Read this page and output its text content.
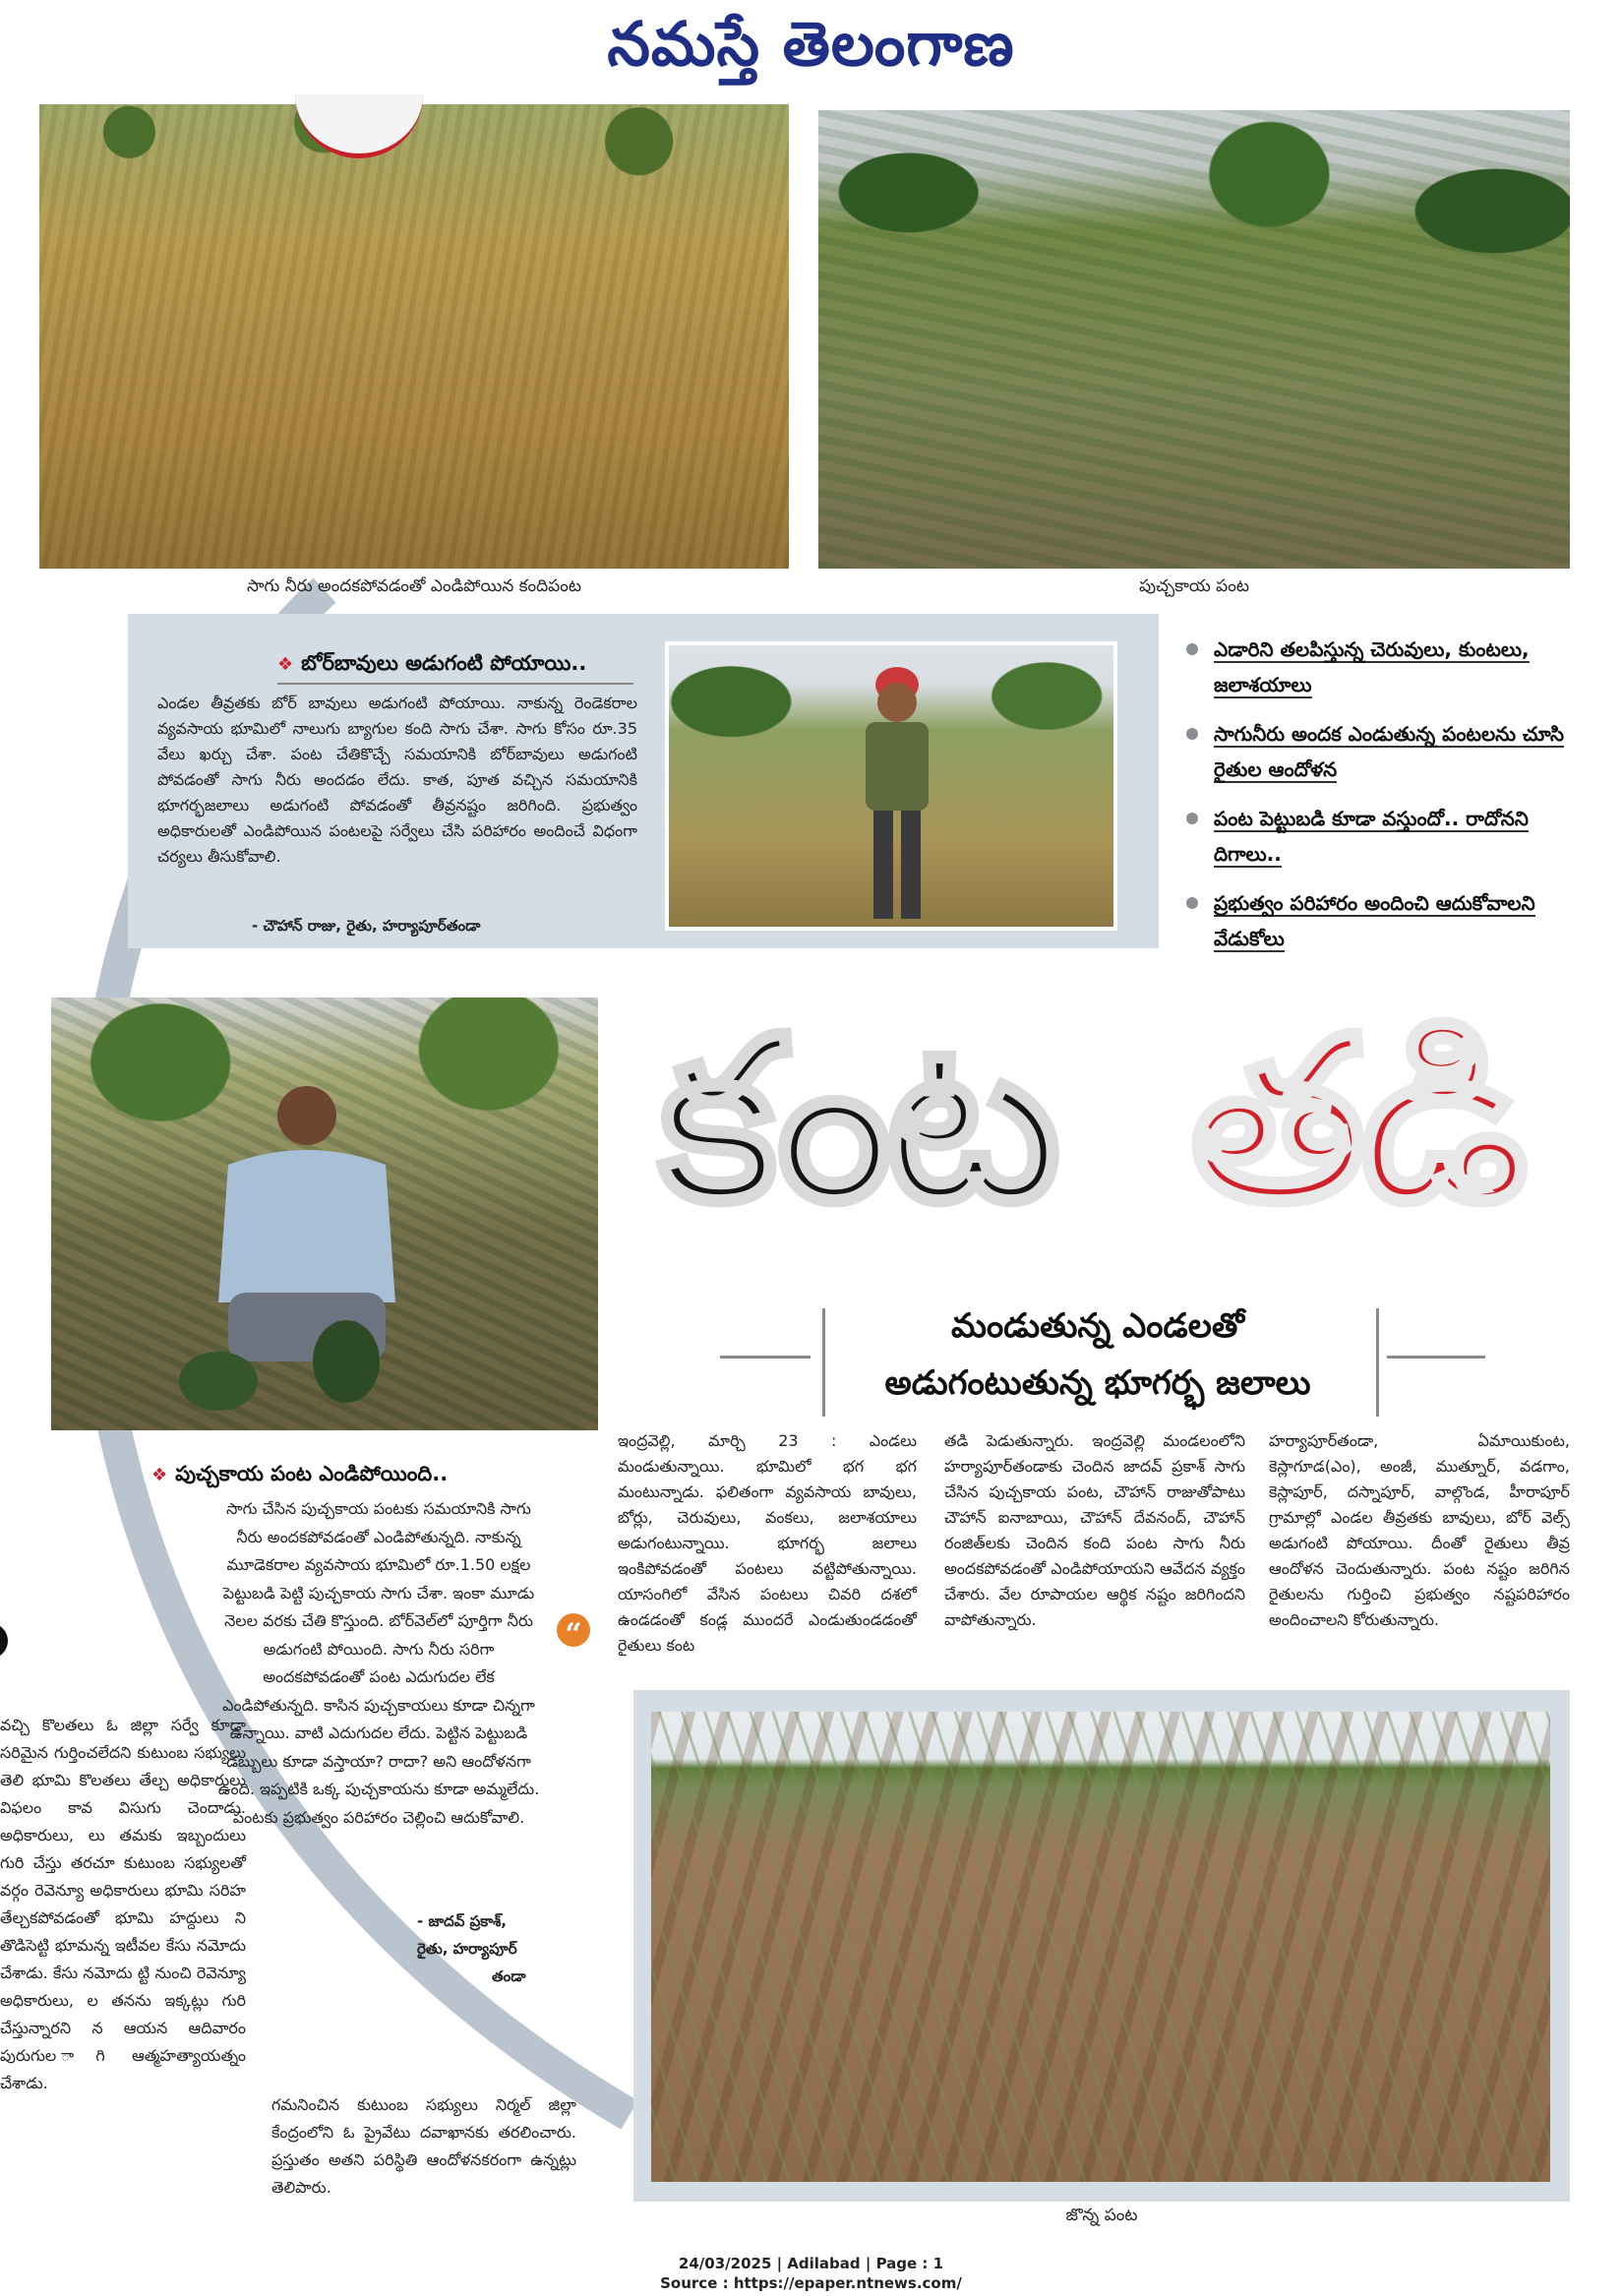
నమస్తే తెలంగాణ
సాగు నీరు అందకపోవడంతో ఎండిపోయిన కందిపంట	పుచ్చకాయ పంట
❖ బోర్‌బావులు అడుగంటి పోయాయి..
ఎండల తీవ్రతకు బోర్ బావులు అడుగంటి పోయాయి. నాకున్న రెండెకరాల వ్యవసాయ భూమిలో నాలుగు బ్యాగుల కంది సాగు చేశా. సాగు కోసం రూ.35 వేలు ఖర్చు చేశా. పంట చేతికొచ్చే సమయానికి బోర్‌బావులు అడుగంటి పోవడంతో సాగు నీరు అందడం లేదు. కాత, పూత వచ్చిన సమయానికి భూగర్భజలాలు అడుగంటి పోవడంతో తీవ్రనష్టం జరిగింది. ప్రభుత్వం అధికారులతో ఎండిపోయిన పంటలపై సర్వేలు చేసి పరిహారం అందించే విధంగా చర్యలు తీసుకోవాలి.
- చౌహాన్ రాజు, రైతు, హర్యాపూర్‌తండా
ఎడారిని తలపిస్తున్న చెరువులు, కుంటలు, జలాశయాలు
సాగునీరు అందక ఎండుతున్న పంటలను చూసి రైతుల ఆందోళన
పంట పెట్టుబడి కూడా వస్తుందో.. రాదోనని దిగాలు..
ప్రభుత్వం పరిహారం అందించి ఆదుకోవాలని వేడుకోలు
కంట తడి
మండుతున్న ఎండలతో
అడుగంటుతున్న భూగర్భ జలాలు
❖ పుచ్చకాయ పంట ఎండిపోయింది..
సాగు చేసిన పుచ్చకాయ పంటకు సమయానికి సాగు నీరు అందకపోవడంతో ఎండిపోతున్నది. నాకున్న మూడెకరాల వ్యవసాయ భూమిలో రూ.1.50 లక్షల పెట్టుబడి పెట్టి పుచ్చకాయ సాగు చేశా. ఇంకా మూడు నెలల వరకు చేతి కొస్తుంది. బోర్‌వెల్‌లో పూర్తిగా నీరు అడుగంటి పోయింది. సాగు నీరు సరిగా అందకపోవడంతో పంట ఎదుగుదల లేక ఎండిపోతున్నది. కాసిన పుచ్చకాయలు కూడా చిన్నగా ఉన్నాయి. వాటి ఎదుగుదల లేదు. పెట్టిన పెట్టుబడి డబ్బులు కూడా వస్తాయా? రాదా? అని ఆందోళనగా ఉంది. ఇప్పటికి ఒక్క పుచ్చకాయను కూడా అమ్మలేదు. పంటకు ప్రభుత్వం పరిహారం చెల్లించి ఆదుకోవాలి.
- జాదవ్ ప్రకాశ్,
రైతు, హర్యాపూర్
తండా
“
వచ్చి కొలతలు ఓ జిల్లా సర్వే కూడా సరిమైన గుర్తించలేదని కుటుంబ సభ్యులు తెలి భూమి కొలతలు తేల్చ అధికారులు విఫలం కావ విసుగు చెందాడు. అధికారులు, లు తమకు ఇబ్బందులు గురి చేస్తు తరచూ కుటుంబ సభ్యులతో వర్గం రెవెన్యూ అధికారులు భూమి సరిహ తేల్చకపోవడంతో భూమి హద్దులు ని తొడిసెట్టి భూమన్న ఇటీవల కేసు నమోదు చేశాడు. కేసు నమోదు ట్టి నుంచి రెవెన్యూ అధికారులు, ల తనను ఇక్కట్లు గురి చేస్తున్నారని న ఆయన ఆదివారం పురుగుల ాగి ఆత్మహత్యాయత్నం చేశాడు.
గమనించిన కుటుంబ సభ్యులు నిర్మల్ జిల్లా కేంద్రంలోని ఓ ప్రైవేటు దవాఖానకు తరలించారు. ప్రస్తుతం అతని పరిస్థితి ఆందోళనకరంగా ఉన్నట్లు తెలిపారు.
ఇంద్రవెల్లి, మార్చి 23 : ఎండలు మండుతున్నాయి. భూమిలో భగ భగ మంటున్నాడు. ఫలితంగా వ్యవసాయ బావులు, బోర్లు, చెరువులు, వంకలు, జలాశయాలు అడుగంటున్నాయి. భూగర్భ జలాలు ఇంకిపోవడంతో పంటలు వట్టిపోతున్నాయి. యాసంగిలో వేసిన పంటలు చివరి దశలో ఉండడంతో కండ్ల ముందరే ఎండుతుండడంతో రైతులు కంట
తడి పెడుతున్నారు. ఇంద్రవెల్లి మండలంలోని హర్యాపూర్‌తండాకు చెందిన జాదవ్ ప్రకాశ్ సాగు చేసిన పుచ్చకాయ పంట, చౌహాన్ రాజుతోపాటు చౌహాన్ ఐనాబాయి, చౌహాన్ దేవనంద్, చౌహాన్ రంజిత్‌లకు చెందిన కంది పంట సాగు నీరు అందకపోవడంతో ఎండిపోయాయని ఆవేదన వ్యక్తం చేశారు. వేల రూపాయల ఆర్థిక నష్టం జరిగిందని వాపోతున్నారు.
హర్యాపూర్‌తండా, ఏమాయికుంట, కెస్లాగూడ(ఎం), అంజీ, ముత్నూర్, వడగాం, కెస్లాపూర్, దస్నాపూర్, వాల్గొండ, హీరాపూర్ గ్రామాల్లో ఎండల తీవ్రతకు బావులు, బోర్ వెల్స్ అడుగంటి పోయాయి. దీంతో రైతులు తీవ్ర ఆందోళన చెందుతున్నారు. పంట నష్టం జరిగిన రైతులను గుర్తించి ప్రభుత్వం నష్టపరిహారం అందించాలని కోరుతున్నారు.
జొన్న పంట
24/03/2025 | Adilabad | Page : 1
Source : https://epaper.ntnews.com/
